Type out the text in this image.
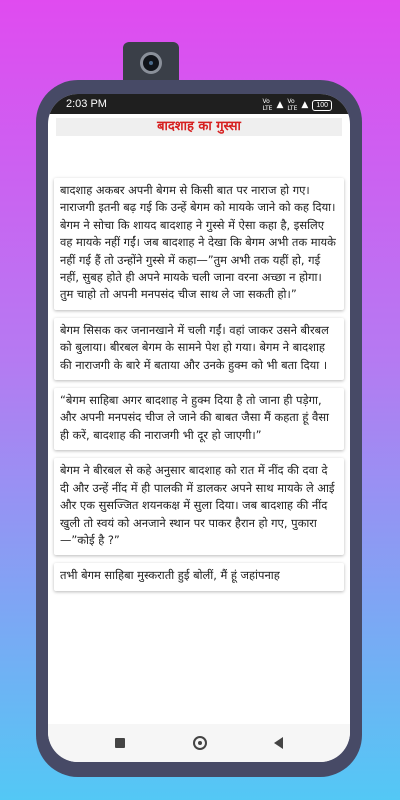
2:03 PM	Vo
LTE ▲ Vo
LTE ▲	100
बादशाह का गुस्सा
बादशाह अकबर अपनी बेगम से किसी बात पर नाराज हो गए। नाराजगी इतनी बढ़ गई कि उन्हें बेगम को मायके जाने को कह दिया। बेगम ने सोचा कि शायद बादशाह ने गुस्से में ऐसा कहा है, इसलिए वह मायके नहीं गईं। जब बादशाह ने देखा कि बेगम अभी तक मायके नहीं गई हैं तो उन्होंने गुस्से में कहा—”तुम अभी तक यहीं हो, गई नहीं, सुबह होते ही अपने मायके चली जाना वरना अच्छा न होगा। तुम चाहो तो अपनी मनपसंद चीज साथ ले जा सकती हो।”
बेगम सिसक कर जनानखाने में चली गईं। वहां जाकर उसने बीरबल को बुलाया। बीरबल बेगम के सामने पेश हो गया। बेगम ने बादशाह की नाराजगी के बारे में बताया और उनके हुक्म को भी बता दिया ।
“बेगम साहिबा अगर बादशाह ने हुक्म दिया है तो जाना ही पड़ेगा, और अपनी मनपसंद चीज ले जाने की बाबत जैसा मैं कहता हूं वैसा ही करें, बादशाह की नाराजगी भी दूर हो जाएगी।”
बेगम ने बीरबल से कहे अनुसार बादशाह को रात में नींद की दवा दे दी और उन्हें नींद में ही पालकी में डालकर अपने साथ मायके ले आई और एक सुसज्जित शयनकक्ष में सुला दिया। जब बादशाह की नींद खुली तो स्वयं को अनजाने स्थान पर पाकर हैरान हो गए, पुकारा—”कोई है ?”
तभी बेगम साहिबा मुस्कराती हुई बोलीं, मैं हूं जहांपनाह
